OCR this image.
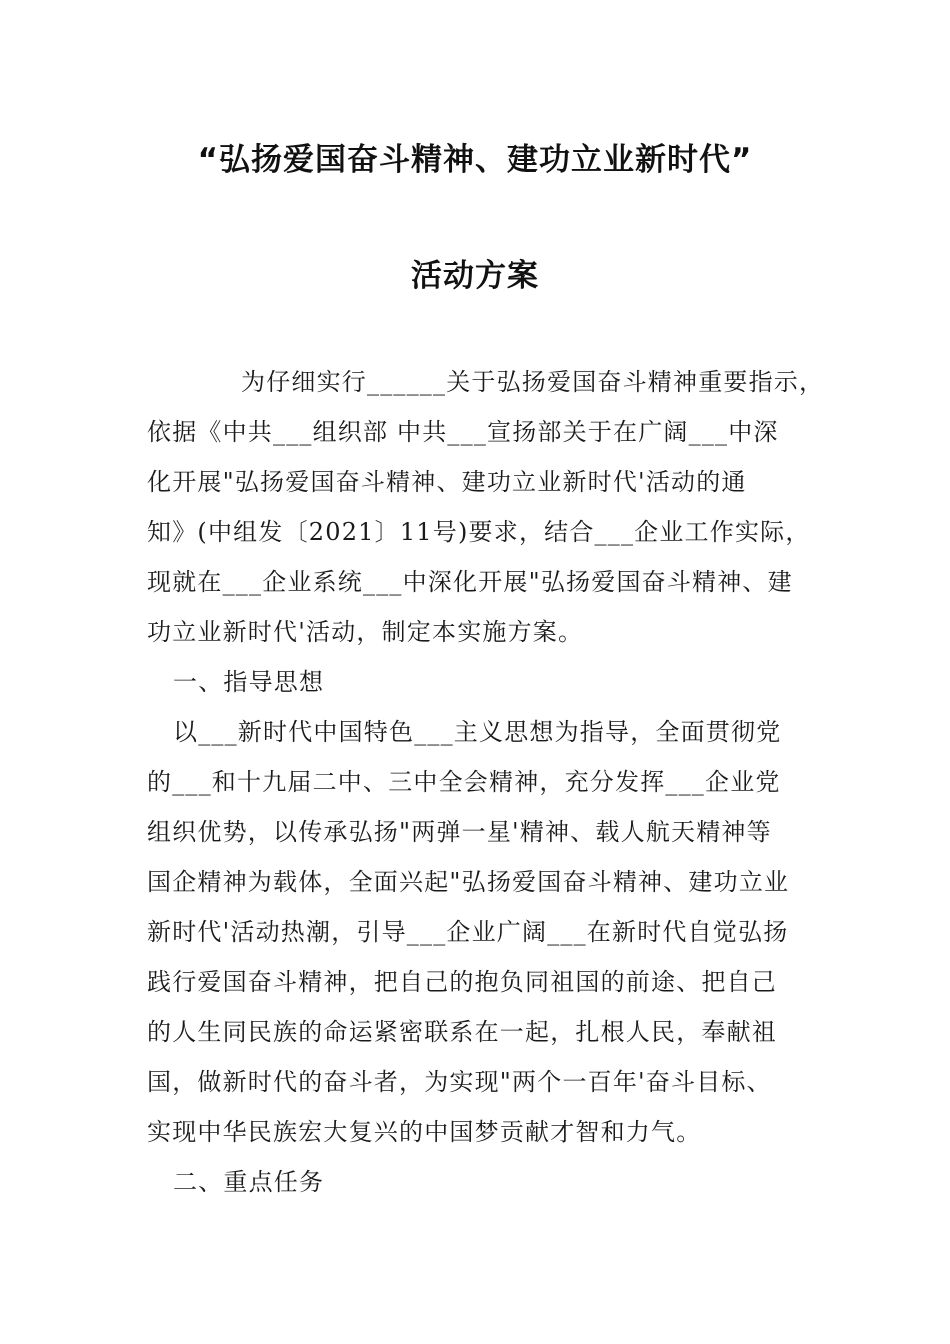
“弘扬爱国奋斗精神、建功立业新时代”
活动方案
为仔细实行______关于弘扬爱国奋斗精神重要指示，
依据《中共___组织部 中共___宣扬部关于在广阔___中深
化开展"弘扬爱国奋斗精神、建功立业新时代'活动的通
知》(中组发〔2021〕11号)要求，结合___企业工作实际，
现就在___企业系统___中深化开展"弘扬爱国奋斗精神、建
功立业新时代'活动，制定本实施方案。
一、指导思想
以___新时代中国特色___主义思想为指导，全面贯彻党
的___和十九届二中、三中全会精神，充分发挥___企业党
组织优势，以传承弘扬"两弹一星'精神、载人航天精神等
国企精神为载体，全面兴起"弘扬爱国奋斗精神、建功立业
新时代'活动热潮，引导___企业广阔___在新时代自觉弘扬
践行爱国奋斗精神，把自己的抱负同祖国的前途、把自己
的人生同民族的命运紧密联系在一起，扎根人民，奉献祖
国，做新时代的奋斗者，为实现"两个一百年'奋斗目标、
实现中华民族宏大复兴的中国梦贡献才智和力气。
二、重点任务
